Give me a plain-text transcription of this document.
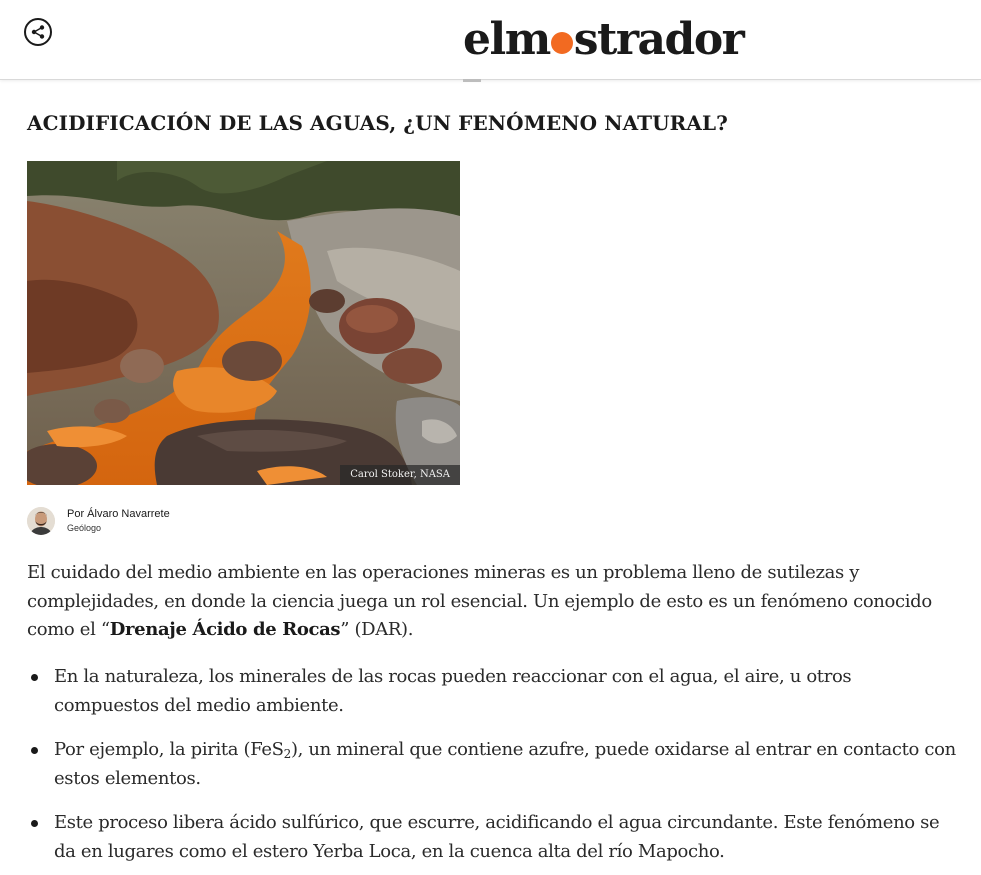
elm strador
ACIDIFICACIÓN DE LAS AGUAS, ¿UN FENÓMENO NATURAL?
Carol Stoker, NASA
Por Álvaro Navarrete
Geólogo

El cuidado del medio ambiente en las operaciones mineras es un problema lleno de sutilezas y complejidades, en donde la ciencia juega un rol esencial. Un ejemplo de esto es un fenómeno conocido como el “Drenaje Ácido de Rocas” (DAR).

En la naturaleza, los minerales de las rocas pueden reaccionar con el agua, el aire, u otros compuestos del medio ambiente.
Por ejemplo, la pirita (FeS$_2$), un mineral que contiene azufre, puede oxidarse al entrar en contacto con estos elementos.
Este proceso libera ácido sulfúrico, que escurre, acidificando el agua circundante. Este fenómeno se da en lugares como el estero Yerba Loca, en la cuenca alta del río Mapocho.
